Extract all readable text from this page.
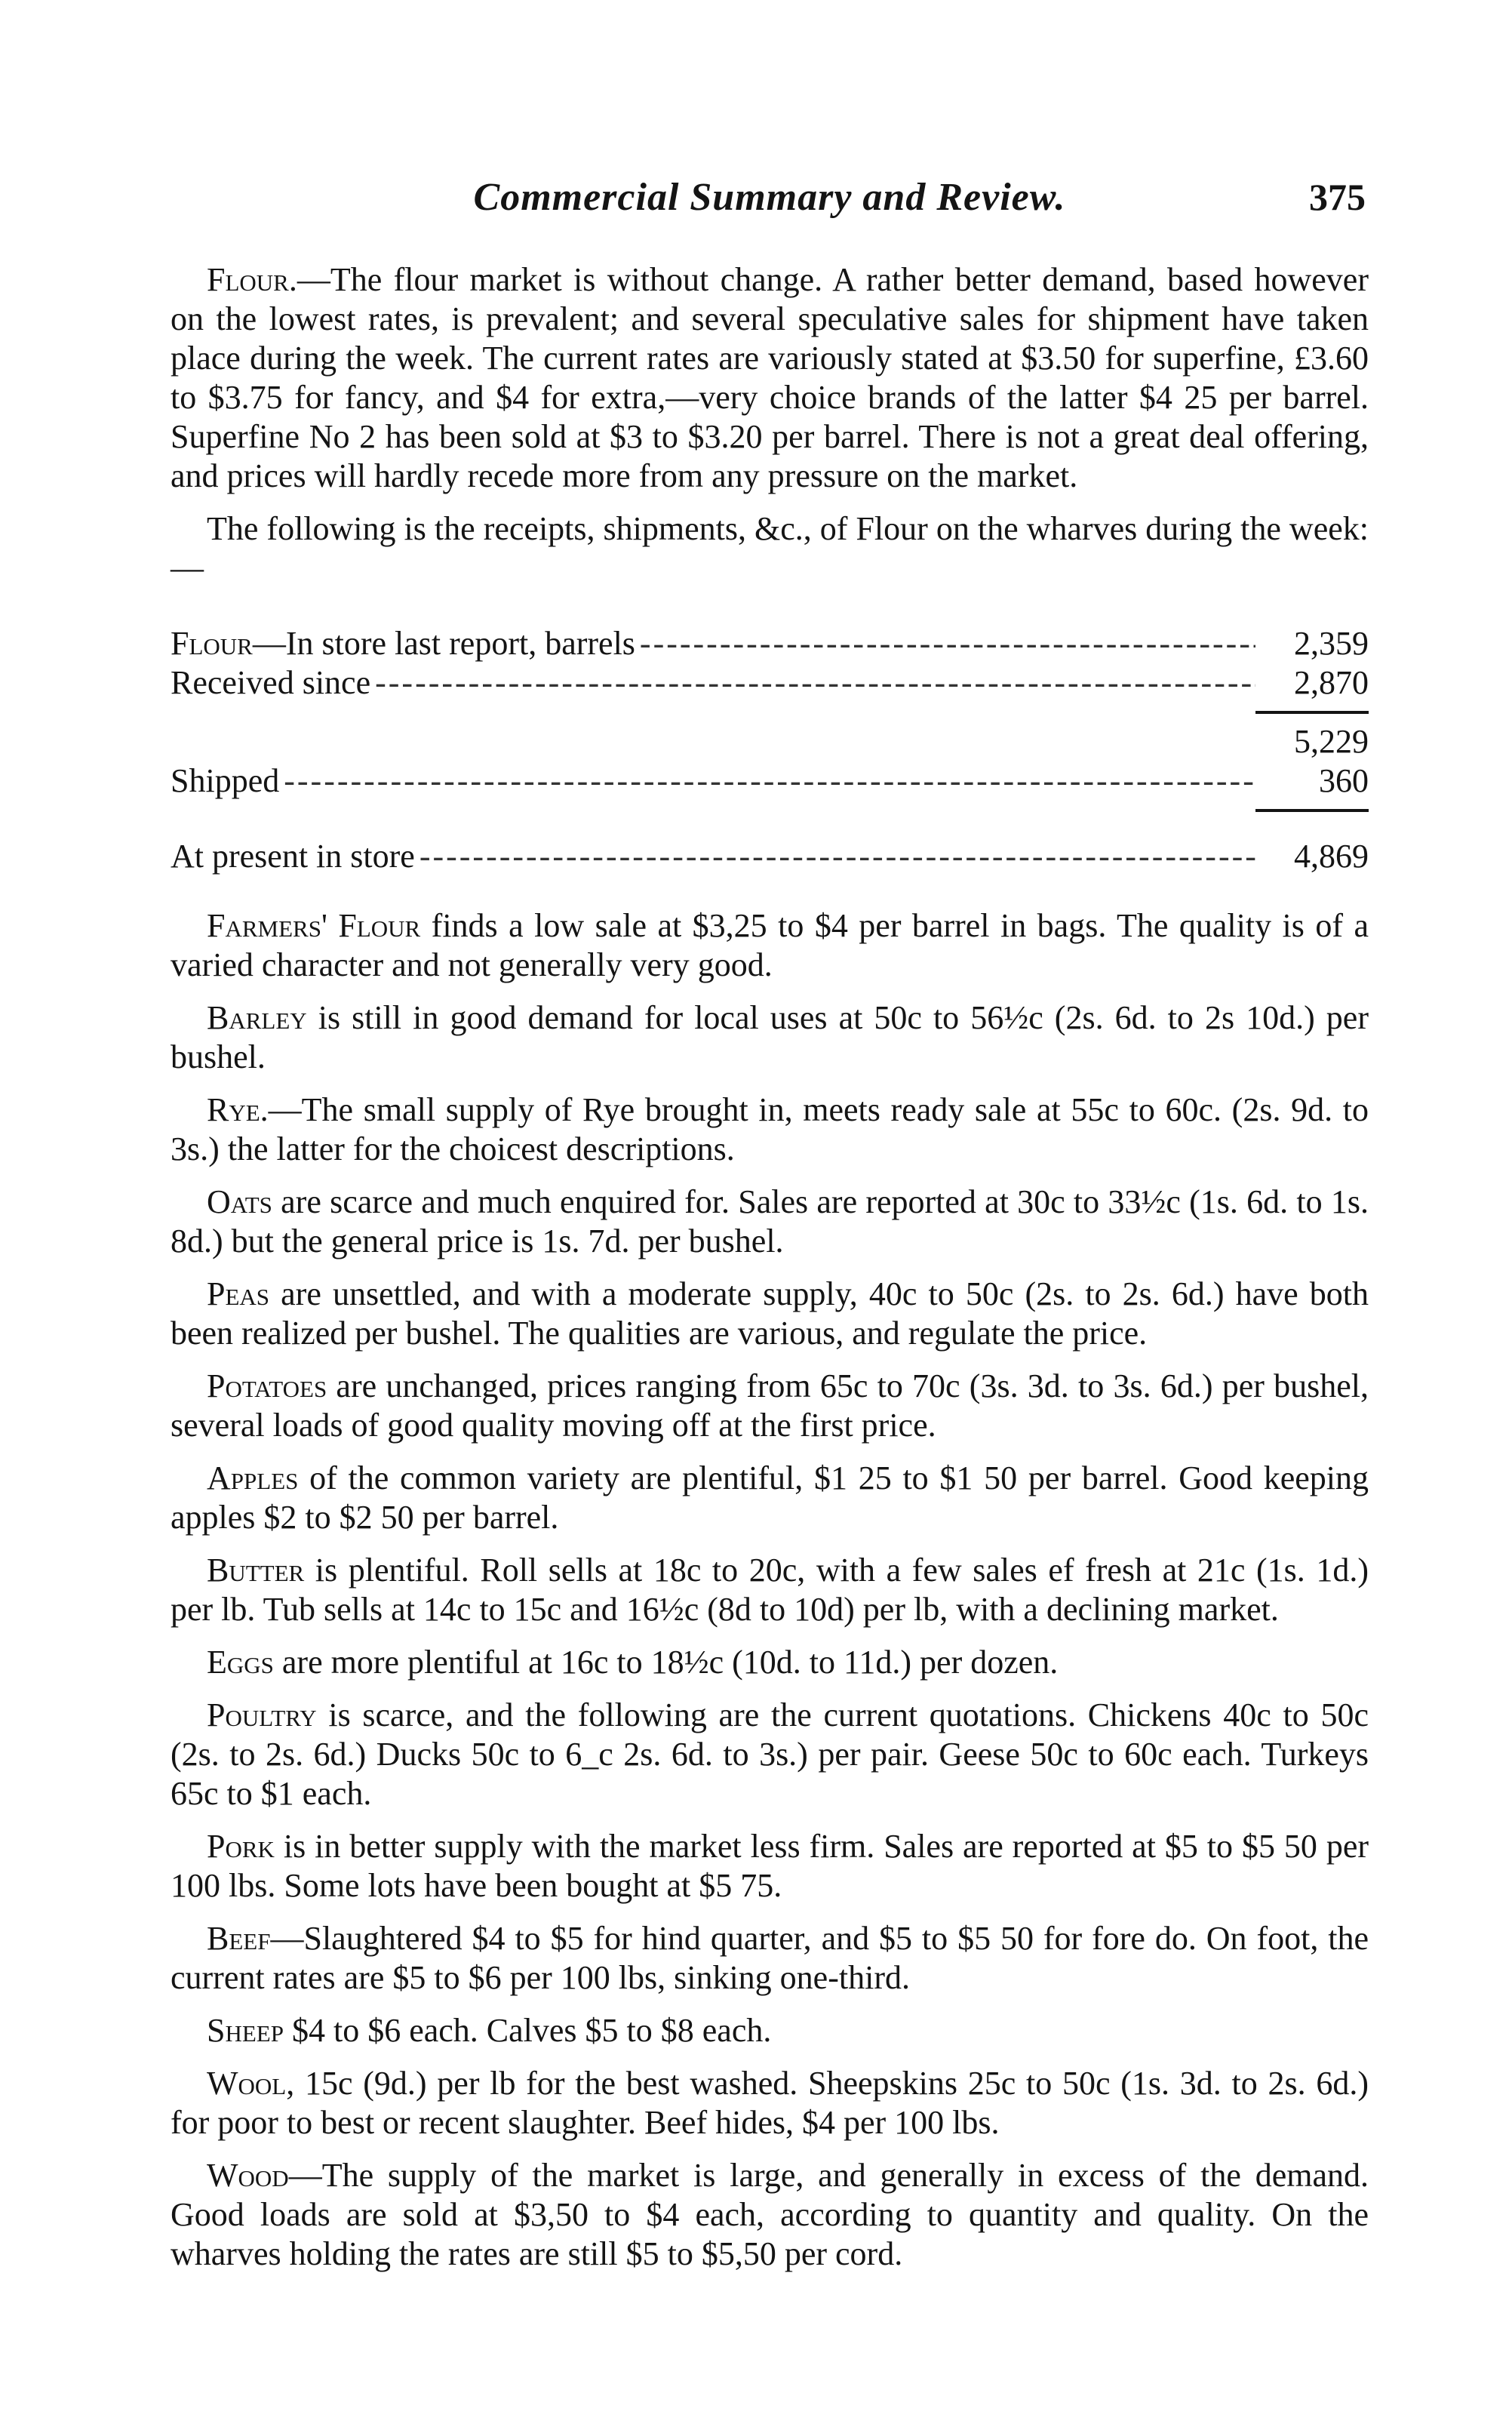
Commercial Summary and Review.	375

Flour.—The flour market is without change. A rather better demand, based however on the lowest rates, is prevalent; and several speculative sales for shipment have taken place during the week. The current rates are variously stated at $3.50 for superfine, £3.60 to $3.75 for fancy, and $4 for extra,—very choice brands of the latter $4 25 per barrel. Superfine No 2 has been sold at $3 to $3.20 per barrel. There is not a great deal offering, and prices will hardly recede more from any pressure on the market.

The following is the receipts, shipments, &c., of Flour on the wharves during the week:—

Flour—In store last report, barrels -----	2,359
Received since -----	2,870
5,229
Shipped -----	360
At present in store -----	4,869

Farmers' Flour finds a low sale at $3,25 to $4 per barrel in bags. The quality is of a varied character and not generally very good.

Barley is still in good demand for local uses at 50c to 56½c (2s. 6d. to 2s 10d.) per bushel.

Rye.—The small supply of Rye brought in, meets ready sale at 55c to 60c. (2s. 9d. to 3s.) the latter for the choicest descriptions.

Oats are scarce and much enquired for. Sales are reported at 30c to 33½c (1s. 6d. to 1s. 8d.) but the general price is 1s. 7d. per bushel.

Peas are unsettled, and with a moderate supply, 40c to 50c (2s. to 2s. 6d.) have both been realized per bushel. The qualities are various, and regulate the price.

Potatoes are unchanged, prices ranging from 65c to 70c (3s. 3d. to 3s. 6d.) per bushel, several loads of good quality moving off at the first price.

Apples of the common variety are plentiful, $1 25 to $1 50 per barrel. Good keeping apples $2 to $2 50 per barrel.

Butter is plentiful. Roll sells at 18c to 20c, with a few sales ef fresh at 21c (1s. 1d.) per lb. Tub sells at 14c to 15c and 16½c (8d to 10d) per lb, with a declining market.

Eggs are more plentiful at 16c to 18½c (10d. to 11d.) per dozen.

Poultry is scarce, and the following are the current quotations. Chickens 40c to 50c (2s. to 2s. 6d.) Ducks 50c to 6_c 2s. 6d. to 3s.) per pair. Geese 50c to 60c each. Turkeys 65c to $1 each.

Pork is in better supply with the market less firm. Sales are reported at $5 to $5 50 per 100 lbs. Some lots have been bought at $5 75.

Beef—Slaughtered $4 to $5 for hind quarter, and $5 to $5 50 for fore do. On foot, the current rates are $5 to $6 per 100 lbs, sinking one-third.

Sheep $4 to $6 each. Calves $5 to $8 each.

Wool, 15c (9d.) per lb for the best washed. Sheepskins 25c to 50c (1s. 3d. to 2s. 6d.) for poor to best or recent slaughter. Beef hides, $4 per 100 lbs.

Wood—The supply of the market is large, and generally in excess of the demand. Good loads are sold at $3,50 to $4 each, according to quantity and quality. On the wharves holding the rates are still $5 to $5,50 per cord.
